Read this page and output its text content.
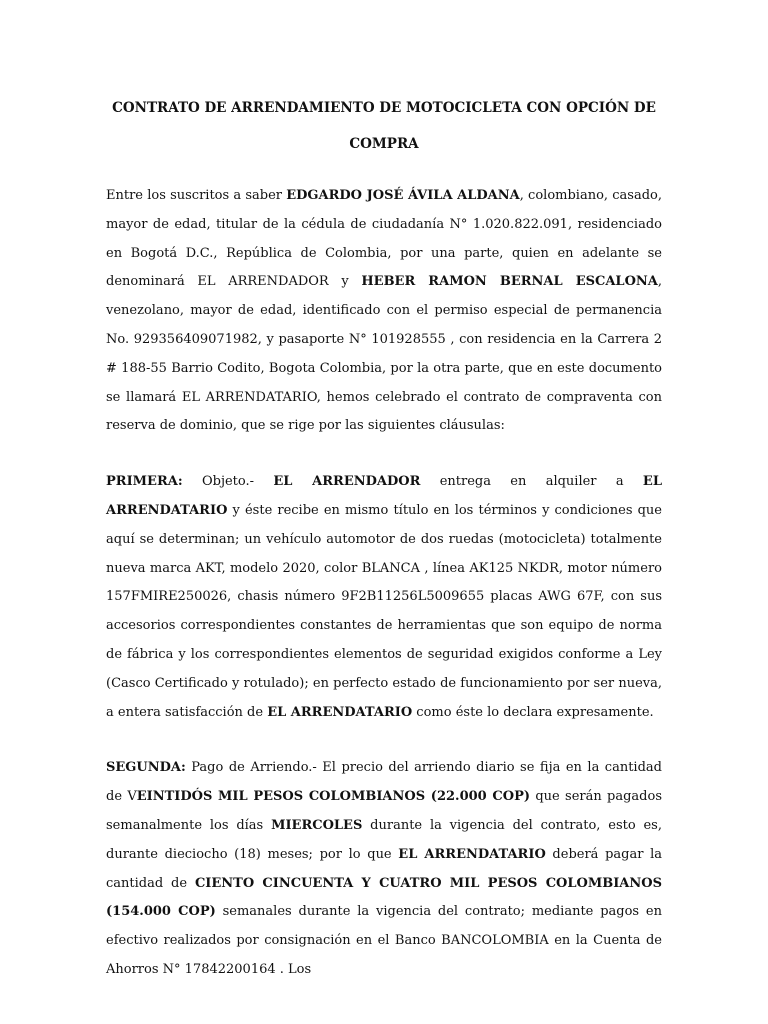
CONTRATO DE ARRENDAMIENTO DE MOTOCICLETA CON OPCIÓN DE COMPRA

Entre los suscritos a saber EDGARDO JOSÉ ÁVILA ALDANA, colombiano, casado, mayor de edad, titular de la cédula de ciudadanía N° 1.020.822.091, residenciado en Bogotá D.C., República de Colombia, por una parte, quien en adelante se denominará EL ARRENDADOR y HEBER RAMON BERNAL ESCALONA, venezolano, mayor de edad, identificado con el permiso especial de permanencia No. 929356409071982, y pasaporte N° 101928555 , con residencia en la Carrera 2 # 188-55 Barrio Codito, Bogota Colombia, por la otra parte, que en este documento se llamará EL ARRENDATARIO, hemos celebrado el contrato de compraventa con reserva de dominio, que se rige por las siguientes cláusulas:

PRIMERA: Objeto.- EL ARRENDADOR entrega en alquiler a EL ARRENDATARIO y éste recibe en mismo título en los términos y condiciones que aquí se determinan; un vehículo automotor de dos ruedas (motocicleta) totalmente nueva marca AKT, modelo 2020, color BLANCA , línea AK125 NKDR, motor número 157FMIRE250026, chasis número 9F2B11256L5009655 placas AWG 67F, con sus accesorios correspondientes constantes de herramientas que son equipo de norma de fábrica y los correspondientes elementos de seguridad exigidos conforme a Ley (Casco Certificado y rotulado); en perfecto estado de funcionamiento por ser nueva, a entera satisfacción de EL ARRENDATARIO como éste lo declara expresamente.

SEGUNDA: Pago de Arriendo.- El precio del arriendo diario se fija en la cantidad de VEINTIDÓS MIL PESOS COLOMBIANOS (22.000 COP) que serán pagados semanalmente los días MIERCOLES durante la vigencia del contrato, esto es, durante dieciocho (18) meses; por lo que EL ARRENDATARIO deberá pagar la cantidad de CIENTO CINCUENTA Y CUATRO MIL PESOS COLOMBIANOS (154.000 COP) semanales durante la vigencia del contrato; mediante pagos en efectivo realizados por consignación en el Banco BANCOLOMBIA en la Cuenta de Ahorros N° 17842200164 . Los
